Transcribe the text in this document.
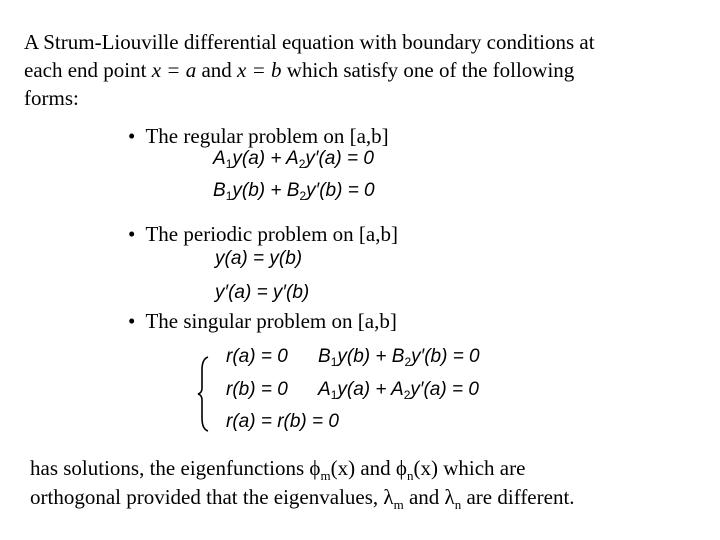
A Strum-Liouville differential equation with boundary conditions at
each end point x = a and x = b which satisfy one of the following
forms:
• The regular problem on [a,b]
$A_1y(a) + A_2y'(a) = 0$
$B_1y(b) + B_2y'(b) = 0$
• The periodic problem on [a,b]
y(a) = y(b)
y′(a) = y′(b)
• The singular problem on [a,b]
r(a) = 0 $B_1y(b) + B_2y'(b) = 0$
r(b) = 0 $A_1y(a) + A_2y'(a) = 0$
r(a) = r(b) = 0
has solutions, the eigenfunctions $\phi_m(x)$ and $\phi_n(x)$ which are
orthogonal provided that the eigenvalues, $\lambda_m$ and $\lambda_n$ are different.
